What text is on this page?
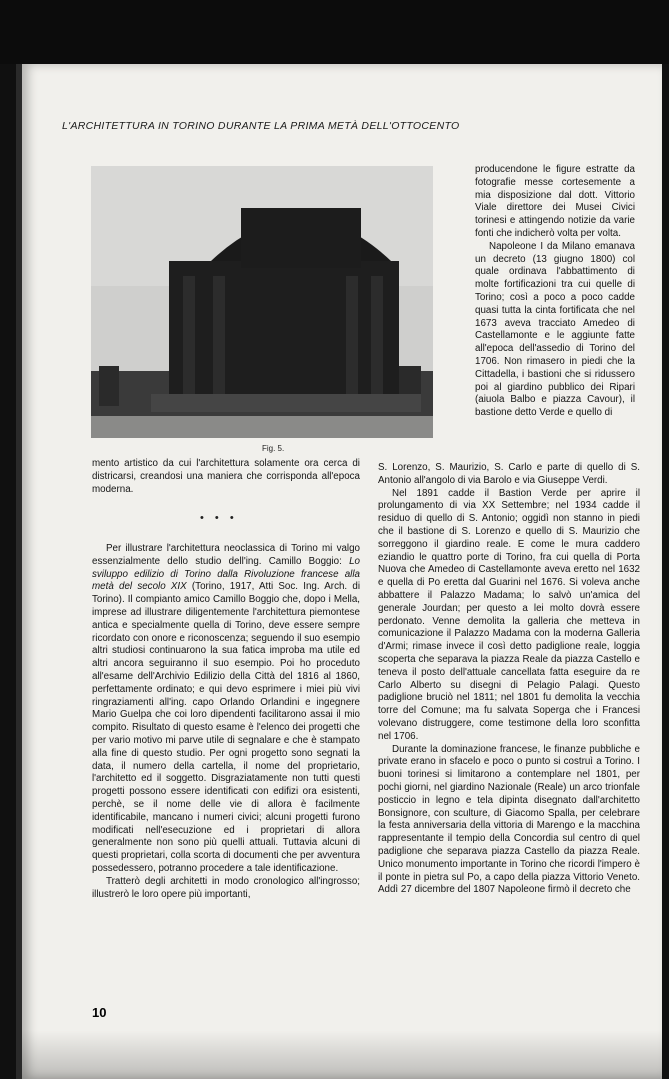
L'ARCHITETTURA IN TORINO DURANTE LA PRIMA METÀ DELL'OTTOCENTO
Fig. 5.

mento artistico da cui l'architettura solamente ora cerca di districarsi, creandosi una maniera che corrisponda all'epoca moderna.

• • •

Per illustrare l'architettura neoclassica di Torino mi valgo essenzialmente dello studio dell'ing. Camillo Boggio: Lo sviluppo edilizio di Torino dalla Rivoluzione francese alla metà del secolo XIX (Torino, 1917, Atti Soc. Ing. Arch. di Torino). Il compianto amico Camillo Boggio che, dopo i Mella, imprese ad illustrare diligentemente l'architettura piemontese antica e specialmente quella di Torino, deve essere sempre ricordato con onore e riconoscenza; seguendo il suo esempio altri studiosi continuarono la sua fatica improba ma utile ed altri ancora seguiranno il suo esempio. Poi ho proceduto all'esame dell'Archivio Edilizio della Città del 1816 al 1860, perfettamente ordinato; e qui devo esprimere i miei più vivi ringraziamenti all'ing. capo Orlando Orlandini e ingegnere Mario Guelpa che coi loro dipendenti facilitarono assai il mio compito. Risultato di questo esame è l'elenco dei progetti che per vario motivo mi parve utile di segnalare e che è stampato alla fine di questo studio. Per ogni progetto sono segnati la data, il numero della cartella, il nome del proprietario, l'architetto ed il soggetto. Disgraziatamente non tutti questi progetti possono essere identificati con edifizi ora esistenti, perchè, se il nome delle vie di allora è facilmente identificabile, mancano i numeri civici; alcuni progetti furono modificati nell'esecuzione ed i proprietari di allora generalmente non sono più quelli attuali. Tuttavia alcuni di questi proprietari, colla scorta di documenti che per avventura possedessero, potranno procedere a tale identificazione.

Tratterò degli architetti in modo cronologico all'ingrosso; illustrerò le loro opere più importanti,

producendone le figure estratte da fotografie messe cortesemente a mia disposizione dal dott. Vittorio Viale direttore dei Musei Civici torinesi e attingendo notizie da varie fonti che indicherò volta per volta.

Napoleone I da Milano emanava un decreto (13 giugno 1800) col quale ordinava l'abbattimento di molte fortificazioni tra cui quelle di Torino; così a poco a poco cadde quasi tutta la cinta fortificata che nel 1673 aveva tracciato Amedeo di Castellamonte e le aggiunte fatte all'epoca dell'assedio di Torino del 1706. Non rimasero in piedi che la Cittadella, i bastioni che si ridussero poi al giardino pubblico dei Ripari (aiuola Balbo e piazza Cavour), il bastione detto Verde e quello di

S. Lorenzo, S. Maurizio, S. Carlo e parte di quello di S. Antonio all'angolo di via Barolo e via Giuseppe Verdi.

Nel 1891 cadde il Bastion Verde per aprire il prolungamento di via XX Settembre; nel 1934 cadde il residuo di quello di S. Antonio; oggidì non stanno in piedi che il bastione di S. Lorenzo e quello di S. Maurizio che sorreggono il giardino reale. E come le mura caddero eziandio le quattro porte di Torino, fra cui quella di Porta Nuova che Amedeo di Castellamonte aveva eretto nel 1632 e quella di Po eretta dal Guarini nel 1676. Si voleva anche abbattere il Palazzo Madama; lo salvò un'amica del generale Jourdan; per questo a lei molto dovrà essere perdonato. Venne demolita la galleria che metteva in comunicazione il Palazzo Madama con la moderna Galleria d'Armi; rimase invece il così detto padiglione reale, loggia scoperta che separava la piazza Reale da piazza Castello e teneva il posto dell'attuale cancellata fatta eseguire da re Carlo Alberto su disegni di Pelagio Palagi. Questo padiglione bruciò nel 1811; nel 1801 fu demolita la vecchia torre del Comune; ma fu salvata Soperga che i Francesi volevano distruggere, come testimone della loro sconfitta nel 1706.

Durante la dominazione francese, le finanze pubbliche e private erano in sfacelo e poco o punto si costruì a Torino. I buoni torinesi si limitarono a contemplare nel 1801, per pochi giorni, nel giardino Nazionale (Reale) un arco trionfale posticcio in legno e tela dipinta disegnato dall'architetto Bonsignore, con sculture, di Giacomo Spalla, per celebrare la festa anniversaria della vittoria di Marengo e la macchina rappresentante il tempio della Concordia sul centro di quel padiglione che separava piazza Castello da piazza Reale. Unico monumento importante in Torino che ricordi l'impero è il ponte in pietra sul Po, a capo della piazza Vittorio Veneto. Addì 27 dicembre del 1807 Napoleone firmò il decreto che

10
